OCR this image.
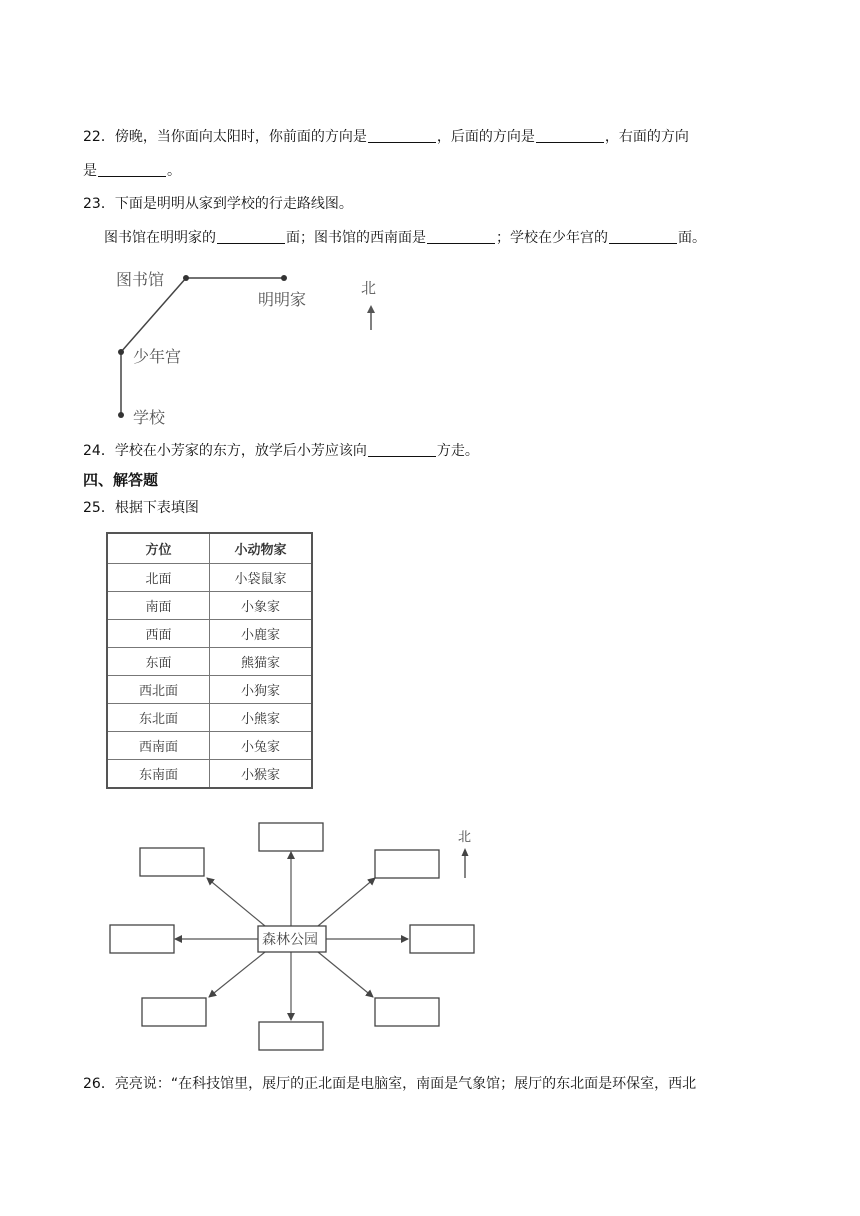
22．傍晚，当你面向太阳时，你前面的方向是	，后面的方向是	，右面的方向
是	。
23．下面是明明从家到学校的行走路线图。
图书馆在明明家的	面；图书馆的西南面是	；学校在少年宫的	面。
图书馆
明明家
少年宫
学校
北
24．学校在小芳家的东方，放学后小芳应该向	方走。
四、解答题
25．根据下表填图
方位	小动物家
北面	小袋鼠家
南面	小象家
西面	小鹿家
东面	熊猫家
西北面	小狗家
东北面	小熊家
西南面	小兔家
东南面	小猴家
森林公园
北
26．亮亮说：“在科技馆里，展厅的正北面是电脑室，南面是气象馆；展厅的东北面是环保室，西北
